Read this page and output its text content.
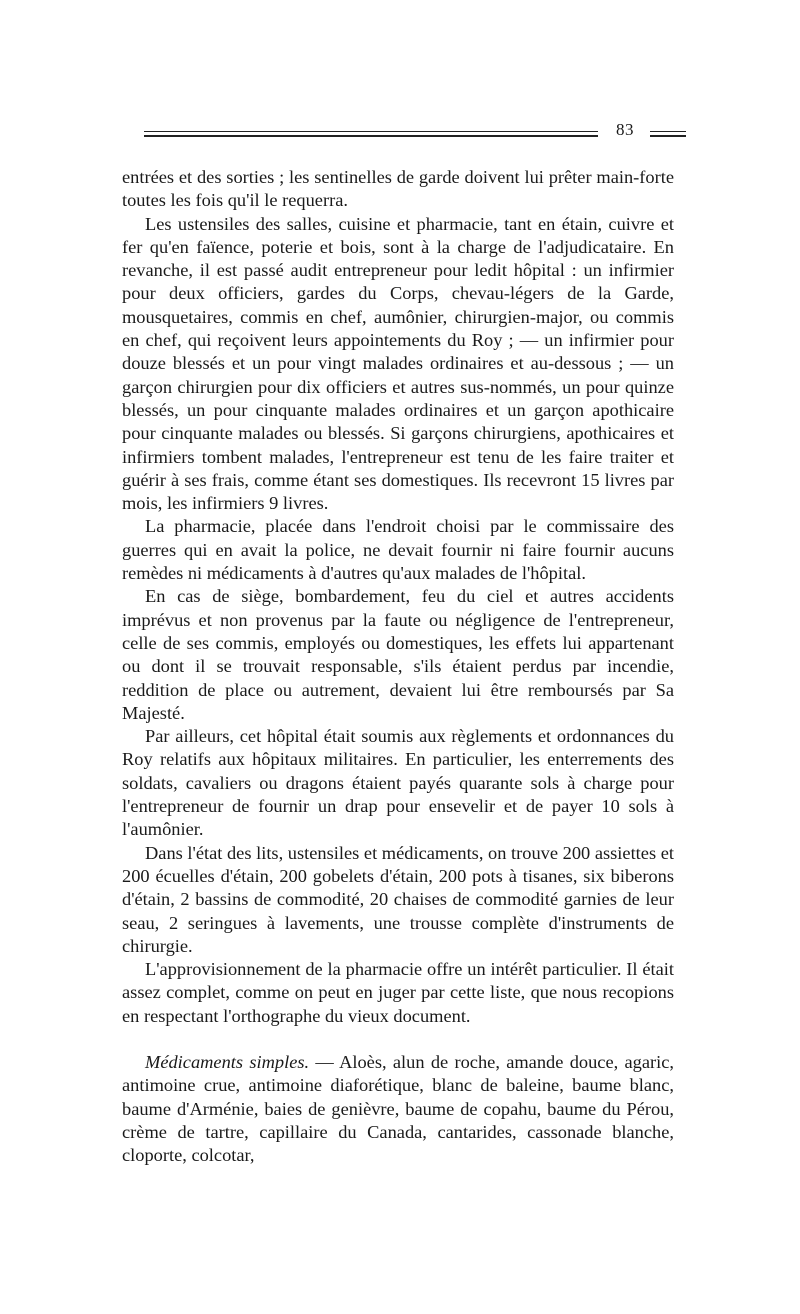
83

entrées et des sorties ; les sentinelles de garde doivent lui prêter main-forte toutes les fois qu'il le requerra.

Les ustensiles des salles, cuisine et pharmacie, tant en étain, cuivre et fer qu'en faïence, poterie et bois, sont à la charge de l'adjudicataire. En revanche, il est passé audit entrepreneur pour ledit hôpital : un infirmier pour deux officiers, gardes du Corps, chevau-légers de la Garde, mousquetaires, commis en chef, aumônier, chirurgien-major, ou commis en chef, qui reçoivent leurs appointements du Roy ; — un infirmier pour douze blessés et un pour vingt malades ordinaires et au-dessous ; — un garçon chirurgien pour dix officiers et autres sus-nommés, un pour quinze blessés, un pour cinquante malades ordinaires et un garçon apothicaire pour cinquante malades ou blessés. Si garçons chirurgiens, apothicaires et infirmiers tombent malades, l'entrepreneur est tenu de les faire traiter et guérir à ses frais, comme étant ses domestiques. Ils recevront 15 livres par mois, les infirmiers 9 livres.

La pharmacie, placée dans l'endroit choisi par le commissaire des guerres qui en avait la police, ne devait fournir ni faire fournir aucuns remèdes ni médicaments à d'autres qu'aux malades de l'hôpital.

En cas de siège, bombardement, feu du ciel et autres accidents imprévus et non provenus par la faute ou négligence de l'entrepreneur, celle de ses commis, employés ou domestiques, les effets lui appartenant ou dont il se trouvait responsable, s'ils étaient perdus par incendie, reddition de place ou autrement, devaient lui être remboursés par Sa Majesté.

Par ailleurs, cet hôpital était soumis aux règlements et ordonnances du Roy relatifs aux hôpitaux militaires. En particulier, les enterrements des soldats, cavaliers ou dragons étaient payés quarante sols à charge pour l'entrepreneur de fournir un drap pour ensevelir et de payer 10 sols à l'aumônier.

Dans l'état des lits, ustensiles et médicaments, on trouve 200 assiettes et 200 écuelles d'étain, 200 gobelets d'étain, 200 pots à tisanes, six biberons d'étain, 2 bassins de commodité, 20 chaises de commodité garnies de leur seau, 2 seringues à lavements, une trousse complète d'instruments de chirurgie.

L'approvisionnement de la pharmacie offre un intérêt particulier. Il était assez complet, comme on peut en juger par cette liste, que nous recopions en respectant l'orthographe du vieux document.

Médicaments simples. — Aloès, alun de roche, amande douce, agaric, antimoine crue, antimoine diaforétique, blanc de baleine, baume blanc, baume d'Arménie, baies de genièvre, baume de copahu, baume du Pérou, crème de tartre, capillaire du Canada, cantarides, cassonade blanche, cloporte, colcotar,
